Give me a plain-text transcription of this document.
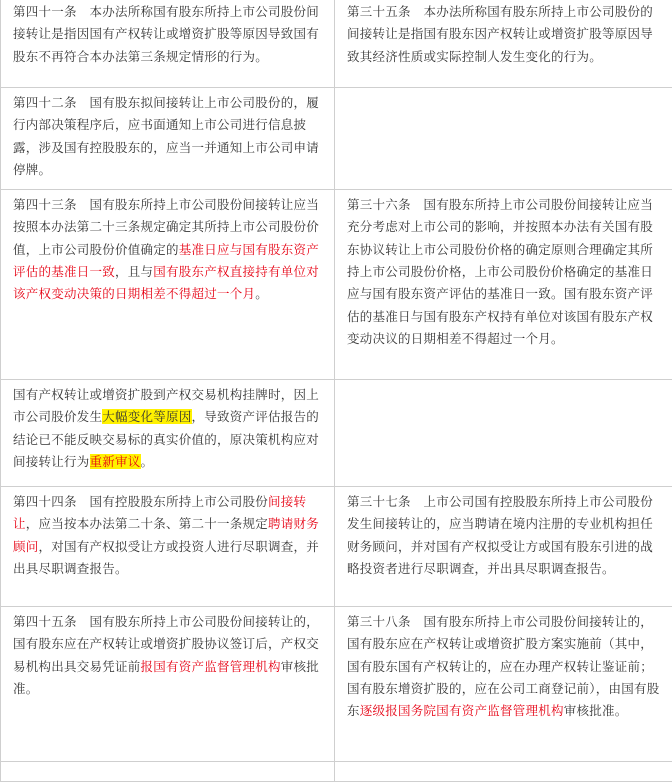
第四十一条　本办法所称国有股东所持上市公司股份间接转让是指因国有产权转让或增资扩股等原因导致国有股东不再符合本办法第三条规定情形的行为。	第三十五条　本办法所称国有股东所持上市公司股份的间接转让是指国有股东因产权转让或增资扩股等原因导致其经济性质或实际控制人发生变化的行为。
第四十二条　国有股东拟间接转让上市公司股份的，履行内部决策程序后，应书面通知上市公司进行信息披露，涉及国有控股股东的，应当一并通知上市公司申请停牌。	
第四十三条　国有股东所持上市公司股份间接转让应当按照本办法第二十三条规定确定其所持上市公司股份价值，上市公司股份价值确定的基准日应与国有股东资产评估的基准日一致，且与国有股东产权直接持有单位对该产权变动决策的日期相差不得超过一个月。	第三十六条　国有股东所持上市公司股份间接转让应当充分考虑对上市公司的影响，并按照本办法有关国有股东协议转让上市公司股份价格的确定原则合理确定其所持上市公司股份价格，上市公司股份价格确定的基准日应与国有股东资产评估的基准日一致。国有股东资产评估的基准日与国有股东产权持有单位对该国有股东产权变动决议的日期相差不得超过一个月。
国有产权转让或增资扩股到产权交易机构挂牌时，因上市公司股价发生大幅变化等原因，导致资产评估报告的结论已不能反映交易标的真实价值的，原决策机构应对间接转让行为重新审议。	
第四十四条　国有控股股东所持上市公司股份间接转让，应当按本办法第二十条、第二十一条规定聘请财务顾问，对国有产权拟受让方或投资人进行尽职调查，并出具尽职调查报告。	第三十七条　上市公司国有控股股东所持上市公司股份发生间接转让的，应当聘请在境内注册的专业机构担任财务顾问，并对国有产权拟受让方或国有股东引进的战略投资者进行尽职调查，并出具尽职调查报告。
第四十五条　国有股东所持上市公司股份间接转让的，国有股东应在产权转让或增资扩股协议签订后，产权交易机构出具交易凭证前报国有资产监督管理机构审核批准。	第三十八条　国有股东所持上市公司股份间接转让的，国有股东应在产权转让或增资扩股方案实施前（其中，国有股东国有产权转让的，应在办理产权转让鉴证前；国有股东增资扩股的，应在公司工商登记前），由国有股东逐级报国务院国有资产监督管理机构审核批准。
